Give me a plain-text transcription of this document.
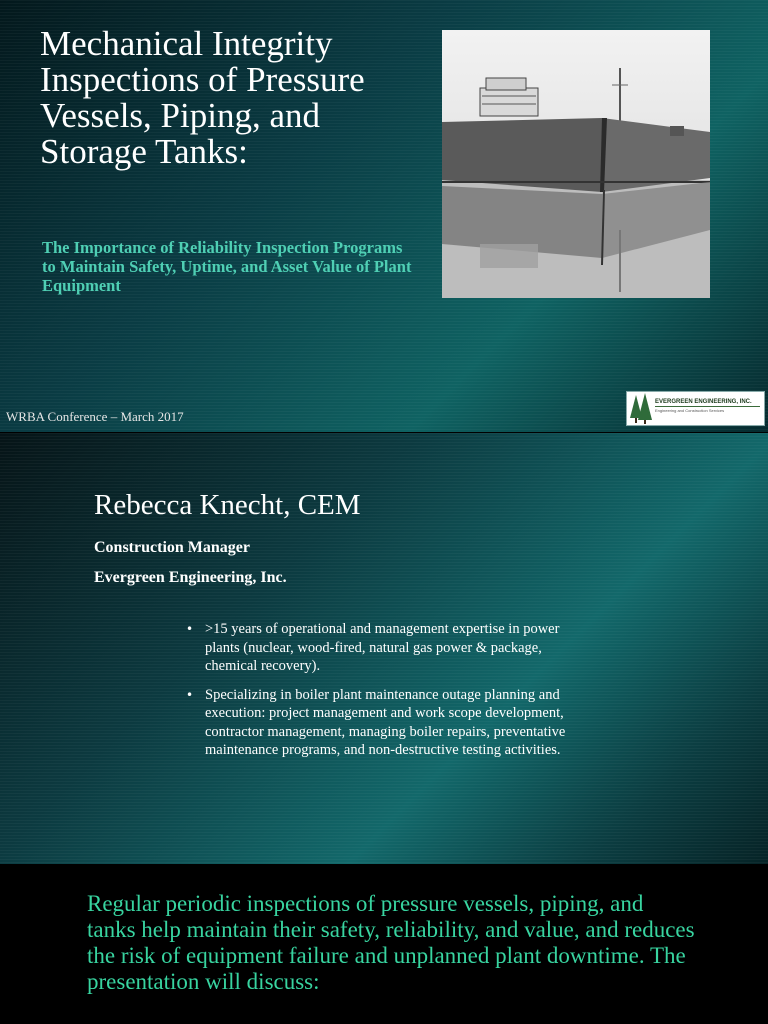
Mechanical Integrity Inspections of Pressure Vessels, Piping, and Storage Tanks:
The Importance of Reliability Inspection Programs to Maintain Safety, Uptime, and Asset Value of Plant Equipment
WRBA Conference – March 2017
EVERGREEN ENGINEERING, INC.
Engineering and Construction Services
Rebecca Knecht, CEM
Construction Manager
Evergreen Engineering, Inc.
• >15 years of operational and management expertise in power plants (nuclear, wood-fired, natural gas power & package, chemical recovery).
• Specializing in boiler plant maintenance outage planning and execution: project management and work scope development, contractor management, managing boiler repairs, preventative maintenance programs, and non-destructive testing activities.
Regular periodic inspections of pressure vessels, piping, and tanks help maintain their safety, reliability, and value, and reduces the risk of equipment failure and unplanned plant downtime. The presentation will discuss:
